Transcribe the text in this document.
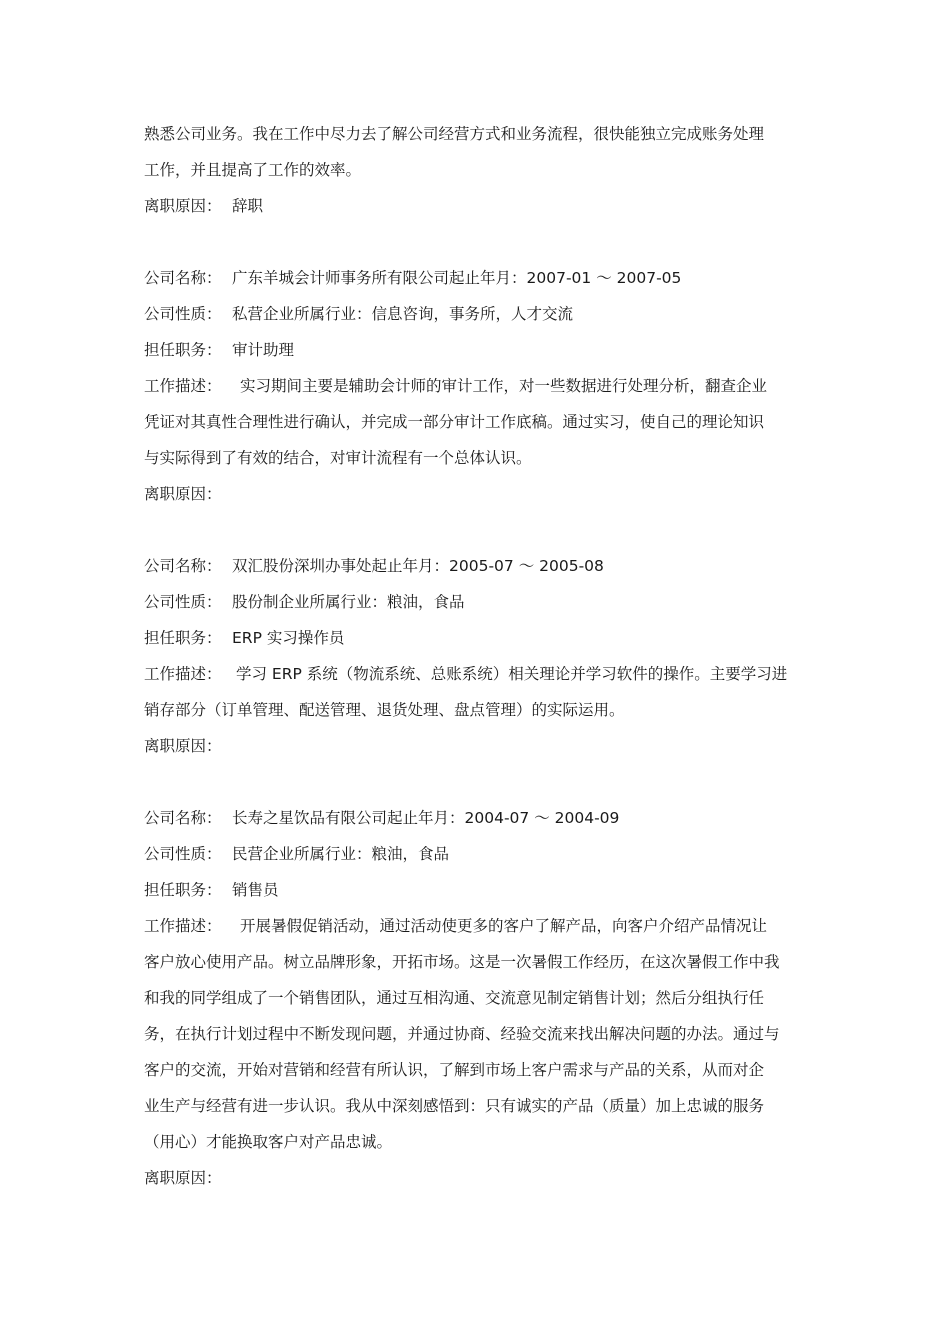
熟悉公司业务。我在工作中尽力去了解公司经营方式和业务流程，很快能独立完成账务处理
工作，并且提高了工作的效率。
离职原因： 辞职
公司名称： 广东羊城会计师事务所有限公司起止年月：2007-01 ～ 2007-05
公司性质： 私营企业所属行业：信息咨询，事务所，人才交流
担任职务： 审计助理
工作描述： 实习期间主要是辅助会计师的审计工作，对一些数据进行处理分析，翻查企业
凭证对其真性合理性进行确认，并完成一部分审计工作底稿。通过实习，使自己的理论知识
与实际得到了有效的结合，对审计流程有一个总体认识。
离职原因：
公司名称： 双汇股份深圳办事处起止年月：2005-07 ～ 2005-08
公司性质： 股份制企业所属行业：粮油，食品
担任职务： ERP 实习操作员
工作描述： 学习 ERP 系统（物流系统、总账系统）相关理论并学习软件的操作。主要学习进
销存部分（订单管理、配送管理、退货处理、盘点管理）的实际运用。
离职原因：
公司名称： 长寿之星饮品有限公司起止年月：2004-07 ～ 2004-09
公司性质： 民营企业所属行业：粮油，食品
担任职务： 销售员
工作描述： 开展暑假促销活动，通过活动使更多的客户了解产品，向客户介绍产品情况让
客户放心使用产品。树立品牌形象，开拓市场。这是一次暑假工作经历，在这次暑假工作中我
和我的同学组成了一个销售团队，通过互相沟通、交流意见制定销售计划；然后分组执行任
务，在执行计划过程中不断发现问题，并通过协商、经验交流来找出解决问题的办法。通过与
客户的交流，开始对营销和经营有所认识，了解到市场上客户需求与产品的关系，从而对企
业生产与经营有进一步认识。我从中深刻感悟到：只有诚实的产品（质量）加上忠诚的服务
（用心）才能换取客户对产品忠诚。
离职原因：
